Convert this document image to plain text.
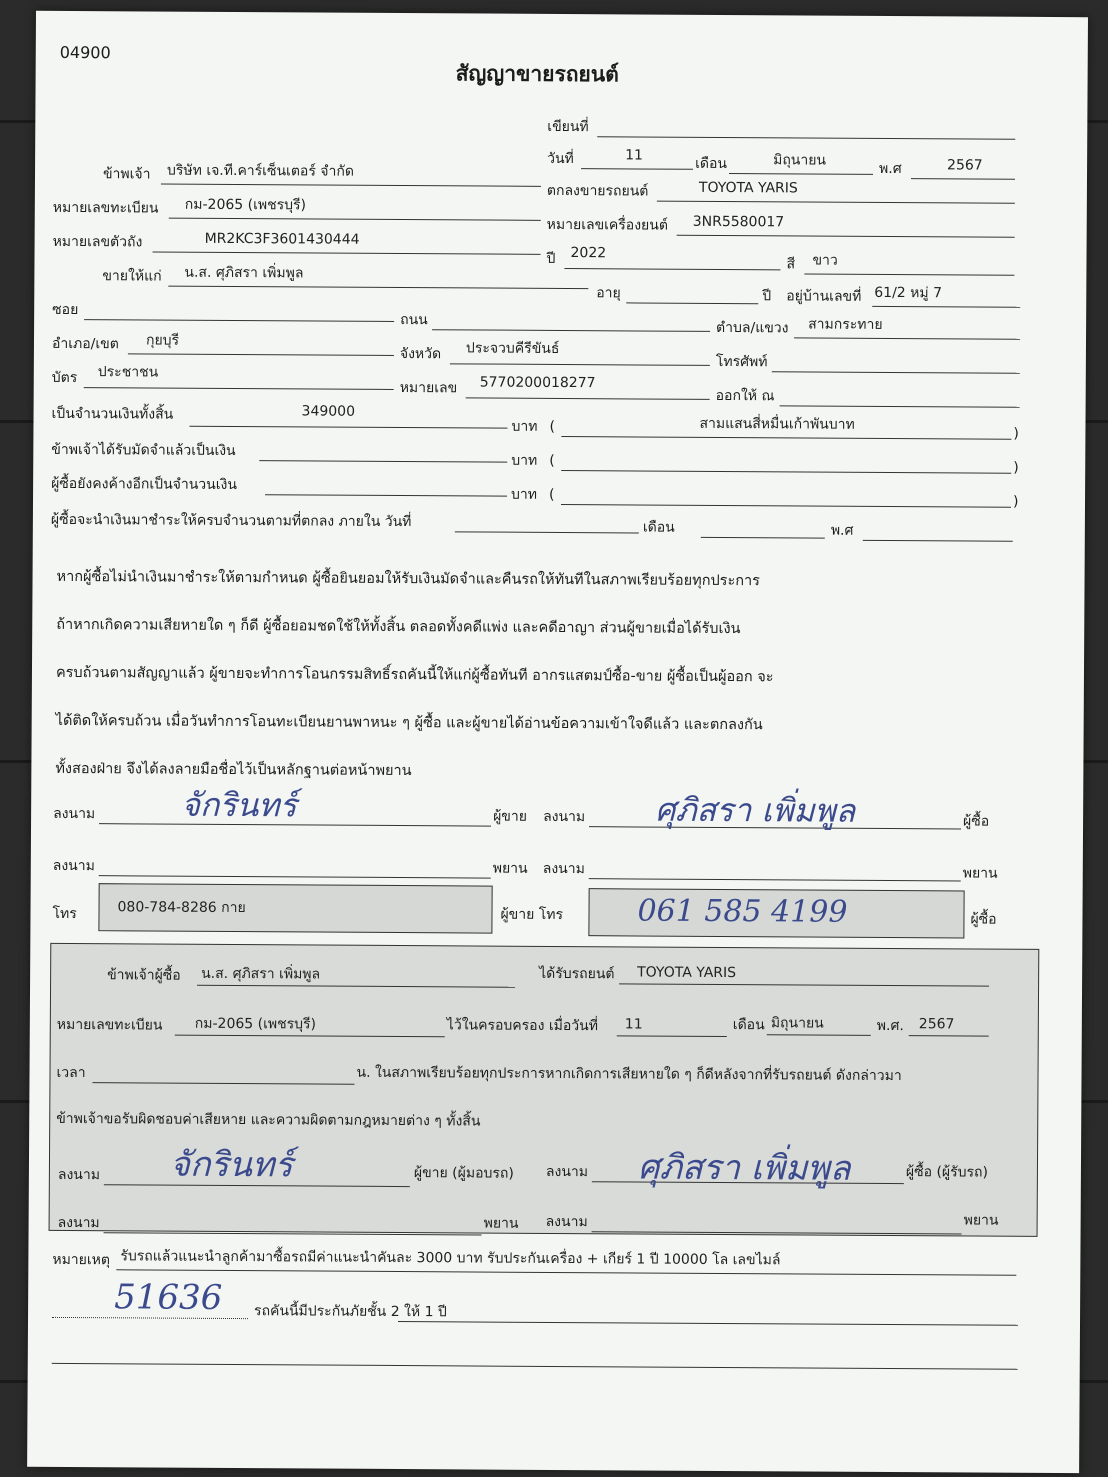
04900
สัญญาขายรถยนต์
เขียนที่
วันที่	11
เดือน	มิถุนายน
พ.ศ	2567
ข้าพเจ้า บริษัท เจ.ที.คาร์เซ็นเตอร์ จำกัด
ตกลงขายรถยนต์	TOYOTA YARIS
หมายเลขทะเบียน กม-2065 (เพชรบุรี)
หมายเลขเครื่องยนต์ 3NR5580017
หมายเลขตัวถัง	MR2KC3F3601430444
ปี 2022
สี ขาว
ขายให้แก่ น.ส. ศุภิสรา เพิ่มพูล
อายุ	ปี อยู่บ้านเลขที่ 61/2 หมู่ 7
ซอย
ถนน	ตำบล/แขวง สามกระทาย
อำเภอ/เขต กุยบุรี
จังหวัด ประจวบคีรีขันธ์
โทรศัพท์
บัตร ประชาชน
หมายเลข 5770200018277
ออกให้ ณ
เป็นจำนวนเงินทั้งสิ้น	349000
บาท (	สามแสนสี่หมื่นเก้าพันบาท
)
ข้าพเจ้าได้รับมัดจำแล้วเป็นเงิน
บาท (	)
ผู้ซื้อยังคงค้างอีกเป็นจำนวนเงิน
บาท (	)
ผู้ซื้อจะนำเงินมาชำระให้ครบจำนวนตามที่ตกลง ภายใน วันที่	เดือน	พ.ศ
หากผู้ซื้อไม่นำเงินมาชำระให้ตามกำหนด ผู้ซื้อยินยอมให้รับเงินมัดจำและคืนรถให้ทันทีในสภาพเรียบร้อยทุกประการ
ถ้าหากเกิดความเสียหายใด ๆ ก็ดี ผู้ซื้อยอมชดใช้ให้ทั้งสิ้น ตลอดทั้งคดีแพ่ง และคดีอาญา ส่วนผู้ขายเมื่อได้รับเงิน
ครบถ้วนตามสัญญาแล้ว ผู้ขายจะทำการโอนกรรมสิทธิ์รถคันนี้ให้แก่ผู้ซื้อทันที อากรแสตมป์ซื้อ-ขาย ผู้ซื้อเป็นผู้ออก จะ
ได้ติดให้ครบถ้วน เมื่อวันทำการโอนทะเบียนยานพาหนะ ๆ ผู้ซื้อ และผู้ขายได้อ่านข้อความเข้าใจดีแล้ว และตกลงกัน
ทั้งสองฝ่าย จึงได้ลงลายมือชื่อไว้เป็นหลักฐานต่อหน้าพยาน
ลงนาม	จักรินทร์	ผู้ขาย ลงนาม ศุภิสรา เพิ่มพูล	ผู้ซื้อ
ลงนาม	พยาน ลงนาม	พยาน
โทร	080-784-8286 กาย	ผู้ขาย โทร 061 585 4199	ผู้ซื้อ
ข้าพเจ้าผู้ซื้อ น.ส. ศุภิสรา เพิ่มพูล	ได้รับรถยนต์ TOYOTA YARIS
หมายเลขทะเบียน กม-2065 (เพชรบุรี)	ไว้ในครอบครอง เมื่อวันที่ 11	เดือน มิถุนายน	พ.ศ. 2567
เวลา	น. ในสภาพเรียบร้อยทุกประการหากเกิดการเสียหายใด ๆ ก็ดีหลังจากที่รับรถยนต์ ดังกล่าวมา
ข้าพเจ้าขอรับผิดชอบค่าเสียหาย และความผิดตามกฎหมายต่าง ๆ ทั้งสิ้น
ลงนาม จักรินทร์	ผู้ขาย (ผู้มอบรถ) ลงนาม ศุภิสรา เพิ่มพูล	ผู้ซื้อ (ผู้รับรถ)
ลงนาม	พยาน ลงนาม	พยาน
หมายเหตุ รับรถแล้วแนะนำลูกค้ามาซื้อรถมีค่าแนะนำคันละ 3000 บาท รับประกันเครื่อง + เกียร์ 1 ปี 10000 โล เลขไมล์
51636 รถคันนี้มีประกันภัยชั้น 2 ให้ 1 ปี
